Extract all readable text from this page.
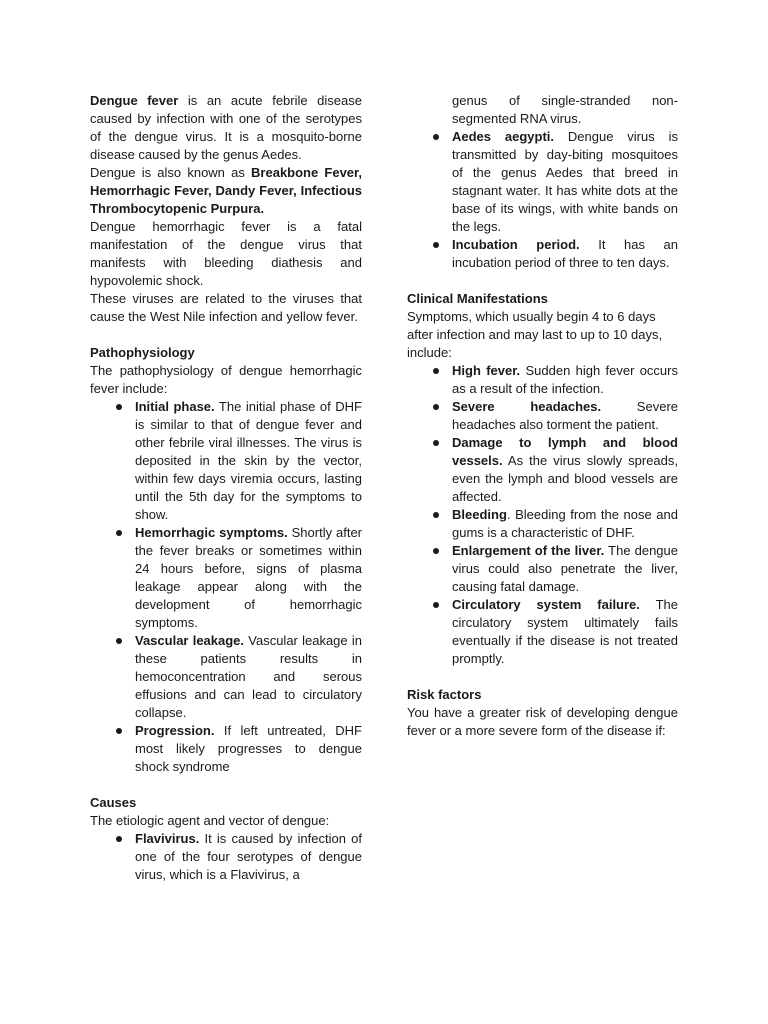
Dengue fever is an acute febrile disease caused by infection with one of the serotypes of the dengue virus. It is a mosquito-borne disease caused by the genus Aedes.

Dengue is also known as Breakbone Fever, Hemorrhagic Fever, Dandy Fever, Infectious Thrombocytopenic Purpura.

Dengue hemorrhagic fever is a fatal manifestation of the dengue virus that manifests with bleeding diathesis and hypovolemic shock.

These viruses are related to the viruses that cause the West Nile infection and yellow fever.

Pathophysiology

The pathophysiology of dengue hemorrhagic fever include:

Initial phase. The initial phase of DHF is similar to that of dengue fever and other febrile viral illnesses. The virus is deposited in the skin by the vector, within few days viremia occurs, lasting until the 5th day for the symptoms to show.
Hemorrhagic symptoms. Shortly after the fever breaks or sometimes within 24 hours before, signs of plasma leakage appear along with the development of hemorrhagic symptoms.
Vascular leakage. Vascular leakage in these patients results in hemoconcentration and serous effusions and can lead to circulatory collapse.
Progression. If left untreated, DHF most likely progresses to dengue shock syndrome
Causes

The etiologic agent and vector of dengue:

Flavivirus. It is caused by infection of one of the four serotypes of dengue virus, which is a Flavivirus, a
genus of single-stranded non-segmented RNA virus.
Aedes aegypti. Dengue virus is transmitted by day-biting mosquitoes of the genus Aedes that breed in stagnant water. It has white dots at the base of its wings, with white bands on the legs.
Incubation period. It has an incubation period of three to ten days.
Clinical Manifestations

Symptoms, which usually begin 4 to 6 days after infection and may last to up to 10 days, include:

High fever. Sudden high fever occurs as a result of the infection.
Severe headaches. Severe headaches also torment the patient.
Damage to lymph and blood vessels. As the virus slowly spreads, even the lymph and blood vessels are affected.
Bleeding. Bleeding from the nose and gums is a characteristic of DHF.
Enlargement of the liver. The dengue virus could also penetrate the liver, causing fatal damage.
Circulatory system failure. The circulatory system ultimately fails eventually if the disease is not treated promptly.
Risk factors

You have a greater risk of developing dengue fever or a more severe form of the disease if:
